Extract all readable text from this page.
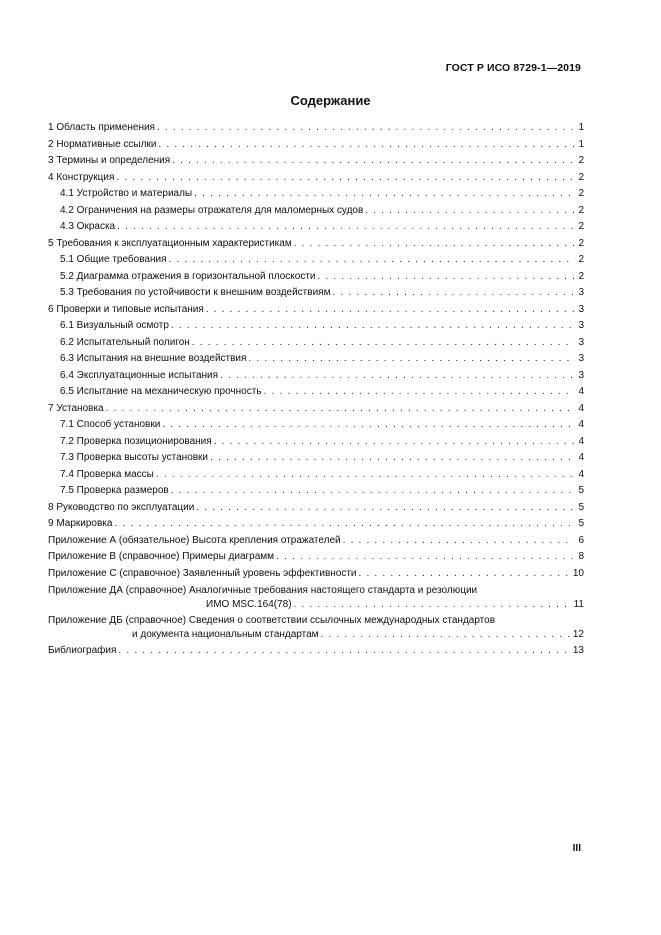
ГОСТ Р ИСО 8729-1—2019
Содержание
1 Область применения . . .	1
2 Нормативные ссылки . . .	1
3 Термины и определения . . .	2
4 Конструкция . . .	2
4.1 Устройство и материалы . . .	2
4.2 Ограничения на размеры отражателя для маломерных судов . . .	2
4.3 Окраска . . .	2
5 Требования к эксплуатационным характеристикам . . .	2
5.1 Общие требования . . .	2
5.2 Диаграмма отражения в горизонтальной плоскости . . .	2
5.3 Требования по устойчивости к внешним воздействиям . . .	3
6 Проверки и типовые испытания . . .	3
6.1 Визуальный осмотр . . .	3
6.2 Испытательный полигон . . .	3
6.3 Испытания на внешние воздействия . . .	3
6.4 Эксплуатационные испытания . . .	3
6.5 Испытание на механическую прочность . . .	4
7 Установка . . .	4
7.1 Способ установки . . .	4
7.2 Проверка позиционирования . . .	4
7.3 Проверка высоты установки . . .	4
7.4 Проверка массы . . .	4
7.5 Проверка размеров . . .	5
8 Руководство по эксплуатации . . .	5
9 Маркировка . . .	5
Приложение А (обязательное) Высота крепления отражателей . . .	6
Приложение В (справочное) Примеры диаграмм . . .	8
Приложение С (справочное) Заявленный уровень эффективности . . .	10
Приложение ДА (справочное) Аналогичные требования настоящего стандарта и резолюции
ИМО MSC.164(78) . . .	11
Приложение ДБ (справочное) Сведения о соответствии ссылочных международных стандартов
и документа национальным стандартам . . .	12
Библиография . . .	13
III
